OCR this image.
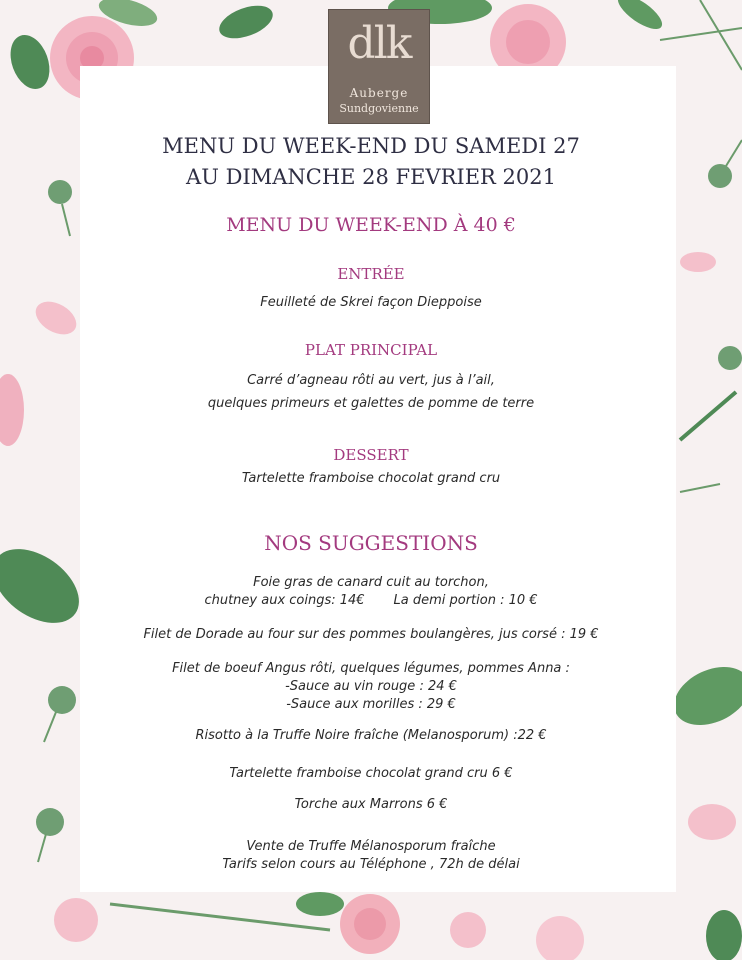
dlk
Auberge
Sundgovienne
MENU DU WEEK-END DU SAMEDI 27
AU DIMANCHE 28 FEVRIER 2021
MENU DU WEEK-END À 40 €
ENTRÉE
Feuilleté de Skrei façon Dieppoise
PLAT PRINCIPAL
Carré d’agneau rôti au vert, jus à l’ail,
quelques primeurs et galettes de pomme de terre
DESSERT
Tartelette framboise chocolat grand cru
NOS SUGGESTIONS
Foie gras de canard cuit au torchon,
chutney aux coings: 14€       La demi portion : 10 €
Filet de Dorade au four sur des pommes boulangères, jus corsé : 19 €
Filet de boeuf Angus rôti, quelques légumes, pommes Anna :
-Sauce au vin rouge : 24 €
-Sauce aux morilles : 29 €
Risotto à la Truffe Noire fraîche (Melanosporum) :22 €
Tartelette framboise chocolat grand cru 6 €
Torche aux Marrons 6 €
Vente de Truffe Mélanosporum fraîche
Tarifs selon cours au Téléphone , 72h de délai
